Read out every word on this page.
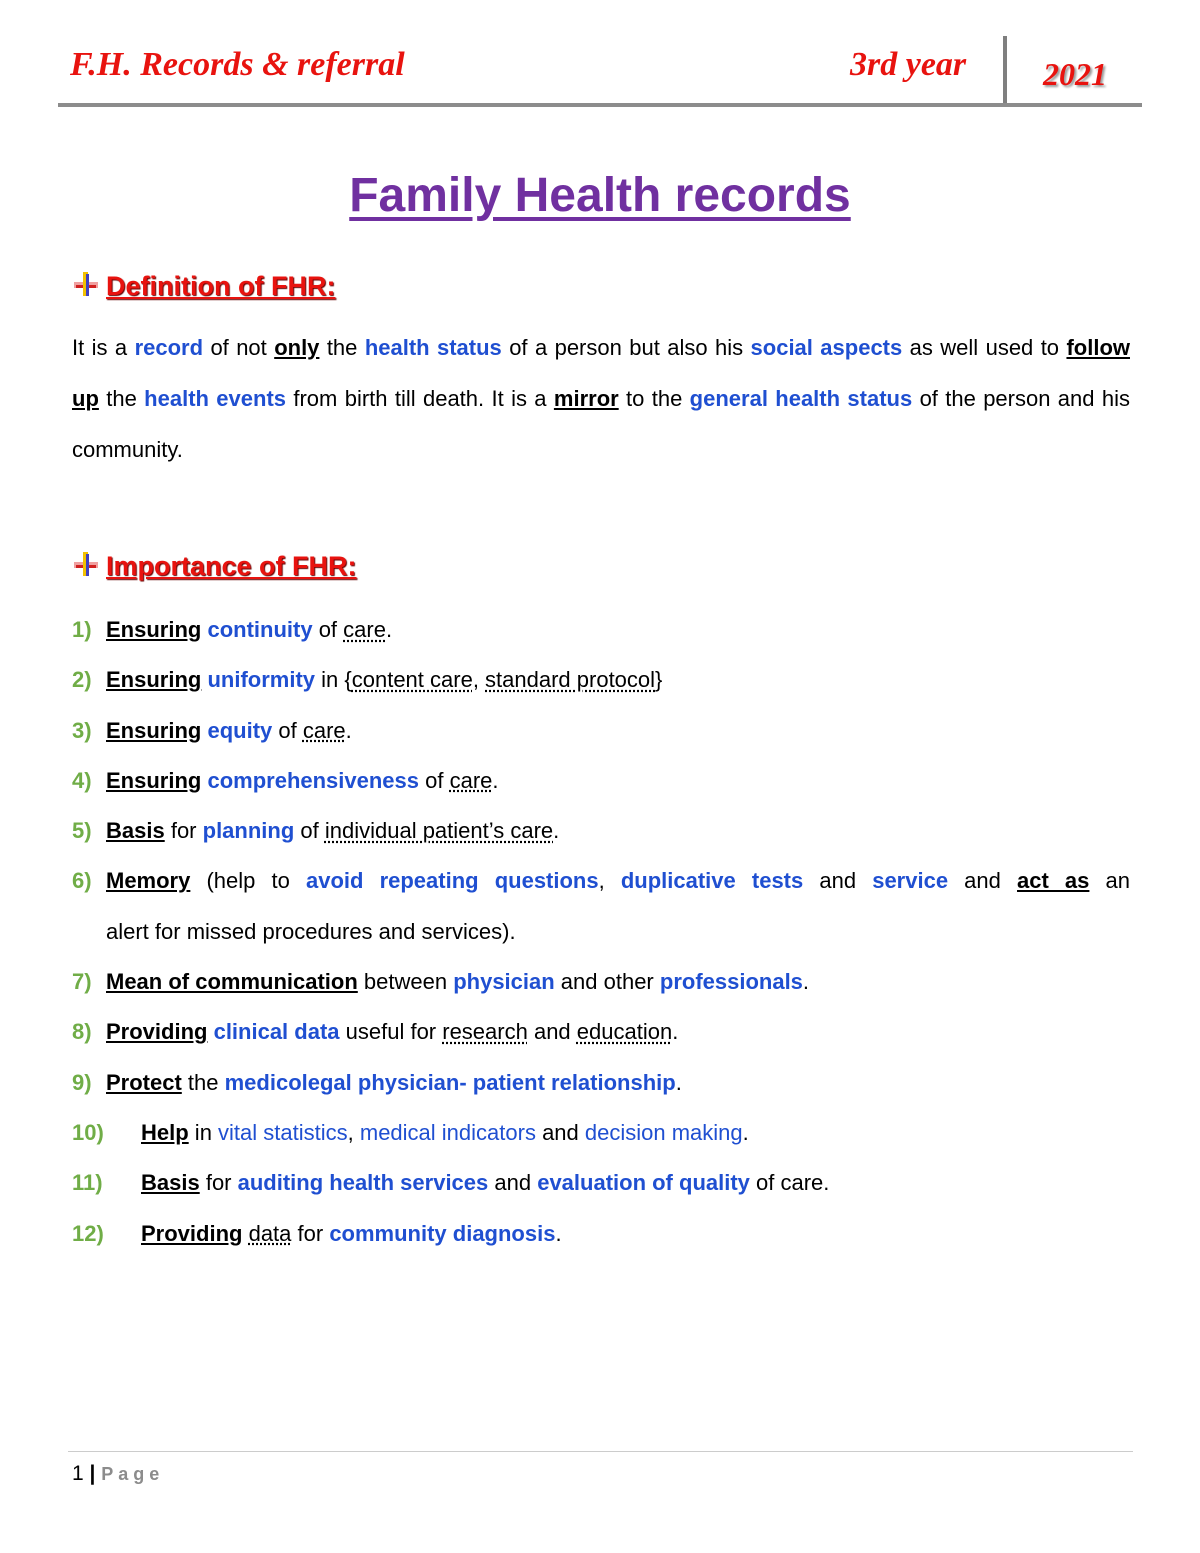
F.H. Records & referral	3rd year 2021
Family Health records
Definition of FHR:
It is a record of not only the health status of a person but also his social aspects as well used to follow up the health events from birth till death. It is a mirror to the general health status of the person and his community.
Importance of FHR:
1) Ensuring continuity of care.
2) Ensuring uniformity in {content care, standard protocol}
3) Ensuring equity of care.
4) Ensuring comprehensiveness of care.
5) Basis for planning of individual patient’s care.
6) Memory (help to avoid repeating questions, duplicative tests and service and act as an
alert for missed procedures and services).
7) Mean of communication between physician and other professionals.
8) Providing clinical data useful for research and education.
9) Protect the medicolegal physician- patient relationship.
10) Help in vital statistics, medical indicators and decision making.
11) Basis for auditing health services and evaluation of quality of care.
12) Providing data for community diagnosis.
1 | Page
